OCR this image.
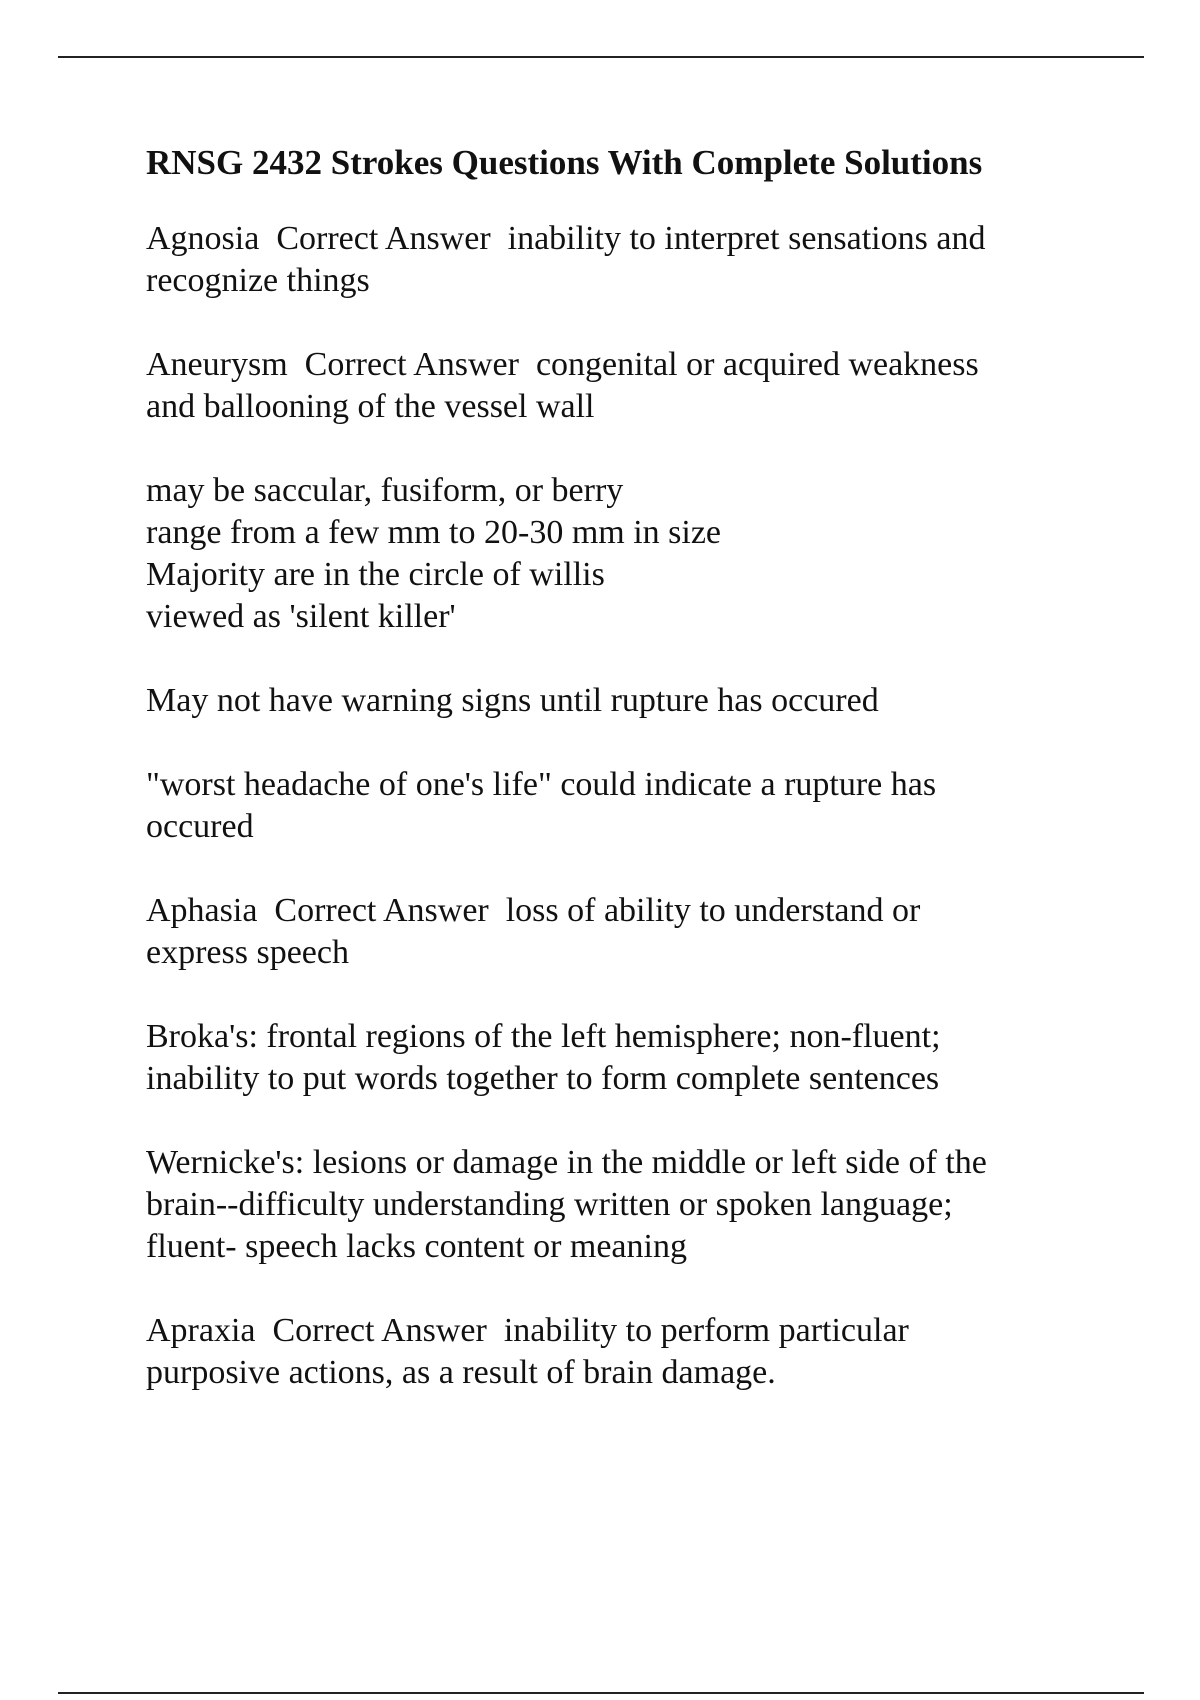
RNSG 2432 Strokes Questions With Complete Solutions
Agnosia  Correct Answer  inability to interpret sensations and
recognize things
Aneurysm  Correct Answer  congenital or acquired weakness
and ballooning of the vessel wall
may be saccular, fusiform, or berry
range from a few mm to 20-30 mm in size
Majority are in the circle of willis
viewed as 'silent killer'
May not have warning signs until rupture has occured
"worst headache of one's life" could indicate a rupture has
occured
Aphasia  Correct Answer  loss of ability to understand or
express speech
Broka's: frontal regions of the left hemisphere; non-fluent;
inability to put words together to form complete sentences
Wernicke's: lesions or damage in the middle or left side of the
brain--difficulty understanding written or spoken language;
fluent- speech lacks content or meaning
Apraxia  Correct Answer  inability to perform particular
purposive actions, as a result of brain damage.
